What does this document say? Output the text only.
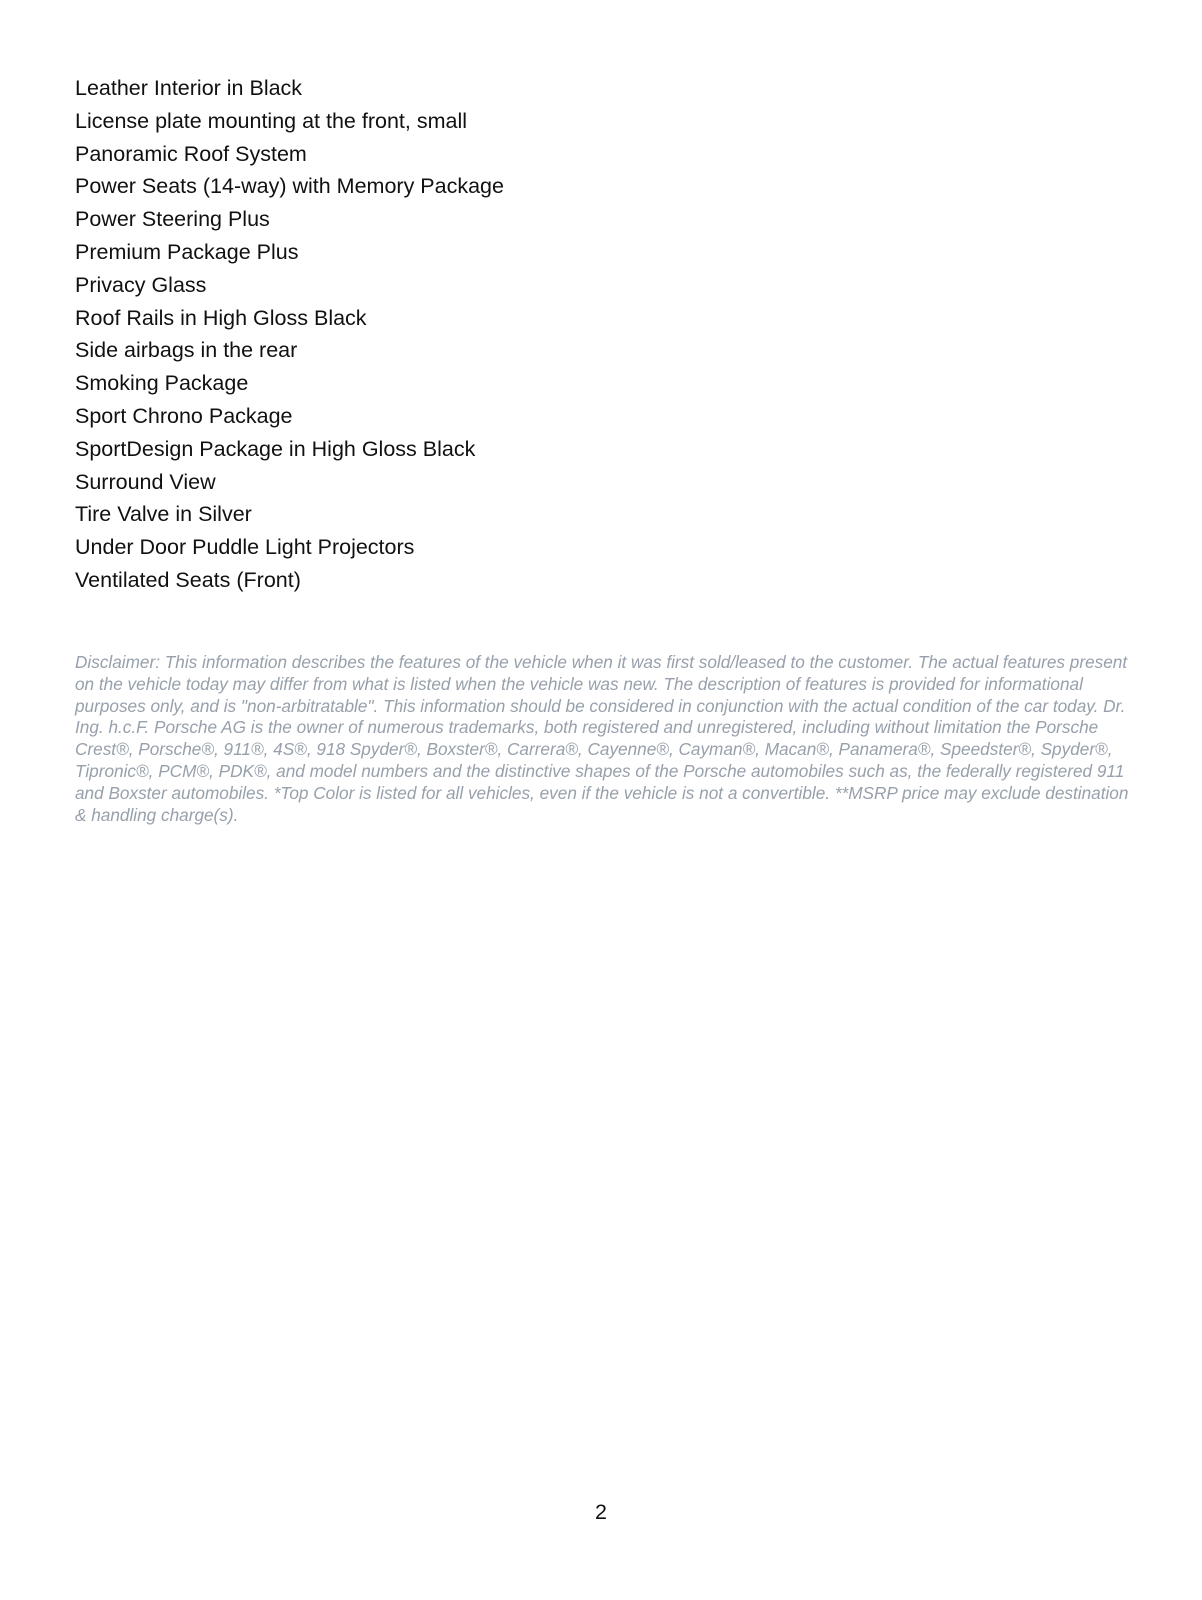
Leather Interior in Black
License plate mounting at the front, small
Panoramic Roof System
Power Seats (14-way) with Memory Package
Power Steering Plus
Premium Package Plus
Privacy Glass
Roof Rails in High Gloss Black
Side airbags in the rear
Smoking Package
Sport Chrono Package
SportDesign Package in High Gloss Black
Surround View
Tire Valve in Silver
Under Door Puddle Light Projectors
Ventilated Seats (Front)

Disclaimer: This information describes the features of the vehicle when it was first sold/leased to the customer. The actual features present on the vehicle today may differ from what is listed when the vehicle was new. The description of features is provided for informational purposes only, and is "non-arbitratable". This information should be considered in conjunction with the actual condition of the car today. Dr. Ing. h.c.F. Porsche AG is the owner of numerous trademarks, both registered and unregistered, including without limitation the Porsche Crest®, Porsche®, 911®, 4S®, 918 Spyder®, Boxster®, Carrera®, Cayenne®, Cayman®, Macan®, Panamera®, Speedster®, Spyder®, Tipronic®, PCM®, PDK®, and model numbers and the distinctive shapes of the Porsche automobiles such as, the federally registered 911 and Boxster automobiles. *Top Color is listed for all vehicles, even if the vehicle is not a convertible. **MSRP price may exclude destination & handling charge(s).

2
